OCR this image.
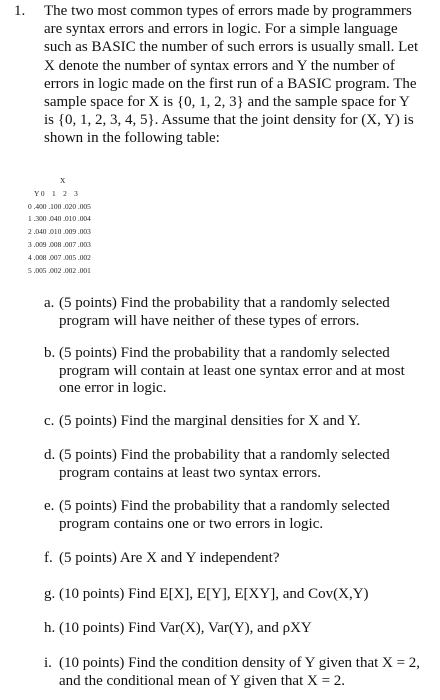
1. The two most common types of errors made by programmers are syntax errors and errors in logic. For a simple language such as BASIC the number of such errors is usually small. Let X denote the number of syntax errors and Y the number of errors in logic made on the first run of a BASIC program. The sample space for X is {0, 1, 2, 3} and the sample space for Y is {0, 1, 2, 3, 4, 5}. Assume that the joint density for (X, Y) is shown in the following table:
X
Y 0    1    2    3
0 .400 .100 .020 .005
1 .300 .040 .010 .004
2 .040 .010 .009 .003
3 .009 .008 .007 .003
4 .008 .007 .005 .002
5 .005 .002 .002 .001
a. (5 points) Find the probability that a randomly selected program will have neither of these types of errors.
b. (5 points) Find the probability that a randomly selected program will contain at least one syntax error and at most one error in logic.
c. (5 points) Find the marginal densities for X and Y.
d. (5 points) Find the probability that a randomly selected program contains at least two syntax errors.
e. (5 points) Find the probability that a randomly selected program contains one or two errors in logic.
f. (5 points) Are X and Y independent?
g. (10 points) Find E[X], E[Y], E[XY], and Cov(X,Y)
h. (10 points) Find Var(X), Var(Y), and ρXY
i. (10 points) Find the condition density of Y given that X = 2, and the conditional mean of Y given that X = 2.
